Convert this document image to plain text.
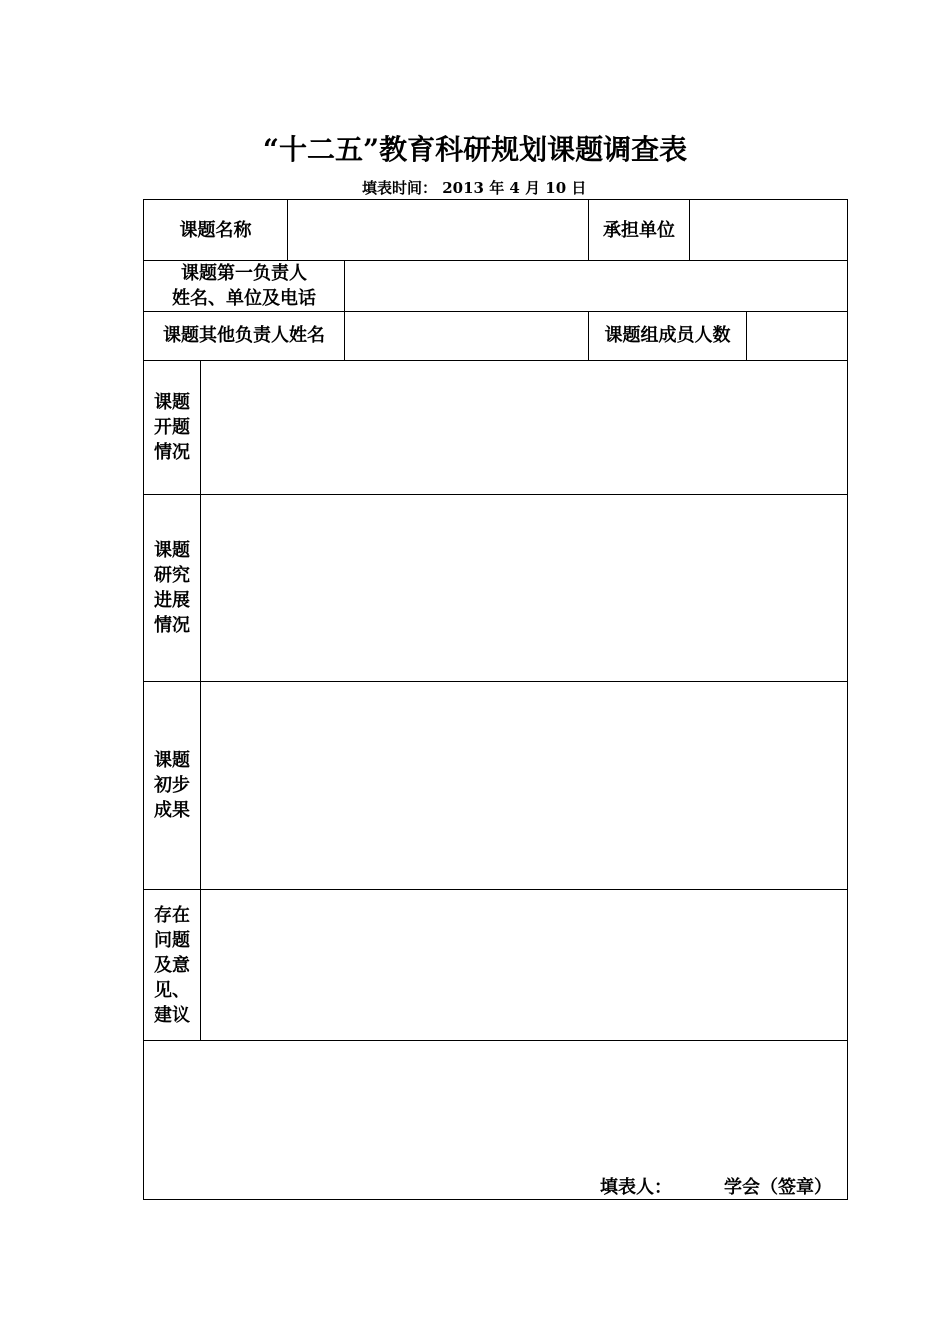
“十二五”教育科研规划课题调查表
填表时间： 2013 年 4 月 10 日
课题名称	承担单位
课题第一负责人
姓名、单位及电话
课题其他负责人姓名	课题组成员人数
课题开题情况
课题研究进展情况
课题初步成果
存在问题及意见、建议
填表人：	学会（签章）
